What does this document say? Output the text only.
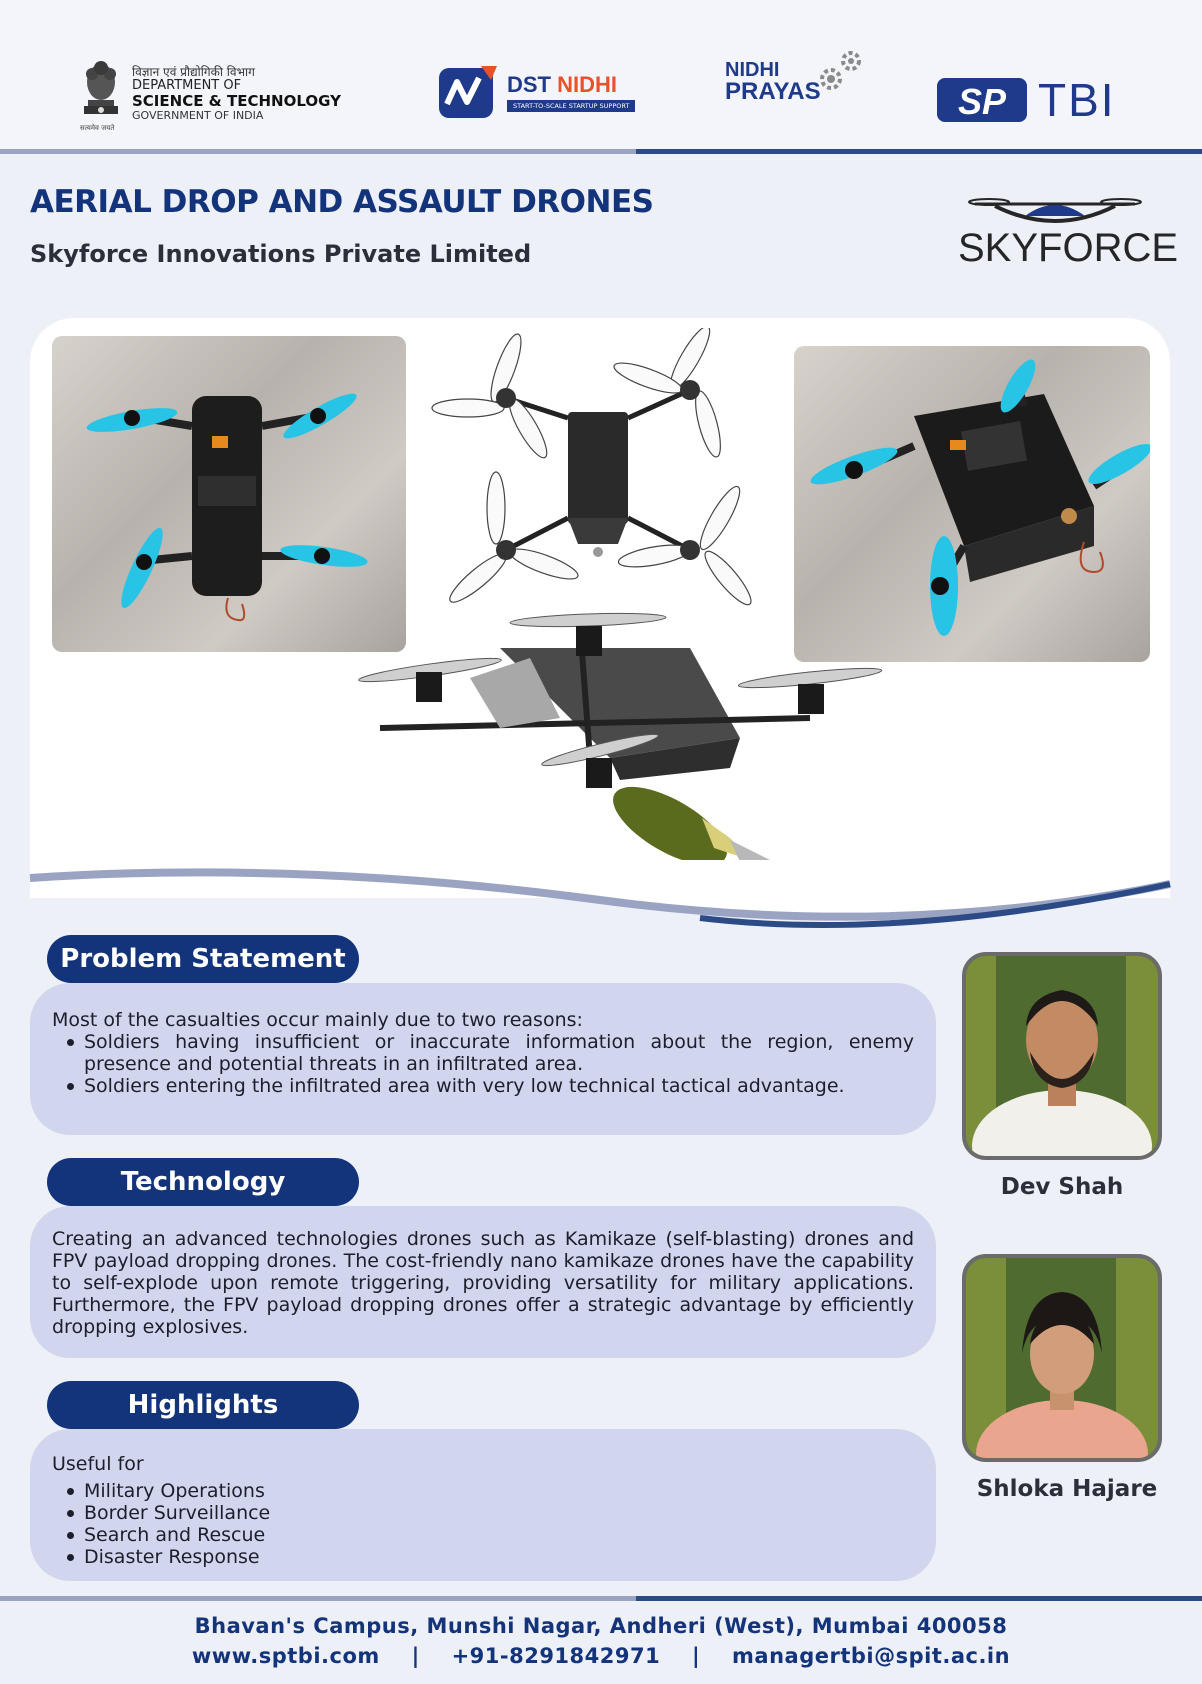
विज्ञान एवं प्रौद्योगिकी विभाग
DEPARTMENT OF
SCIENCE & TECHNOLOGY
GOVERNMENT OF INDIA
सत्यमेव जयते
DST NIDHI
START-TO-SCALE STARTUP SUPPORT
NIDHI
PRAYAS	SP TBI
AERIAL DROP AND ASSAULT DRONES
Skyforce Innovations Private Limited	SKYFORCE

Most of the casualties occur mainly due to two reasons:

Soldiers having insufficient or inaccurate information about the region, enemy presence and potential threats in an infiltrated area.
Soldiers entering the infiltrated area with very low technical tactical advantage.
Problem Statement

Creating an advanced technologies drones such as Kamikaze (self-blasting) drones and FPV payload dropping drones. The cost-friendly nano kamikaze drones have the capability to self-explode upon remote triggering, providing versatility for military applications. Furthermore, the FPV payload dropping drones offer a strategic advantage by efficiently dropping explosives.

Technology

Useful for

Military Operations
Border Surveillance
Search and Rescue
Disaster Response
Highlights
Dev Shah
Shloka Hajare
Bhavan's Campus, Munshi Nagar, Andheri (West), Mumbai 400058
www.sptbi.com | +91-8291842971 | managertbi@spit.ac.in
